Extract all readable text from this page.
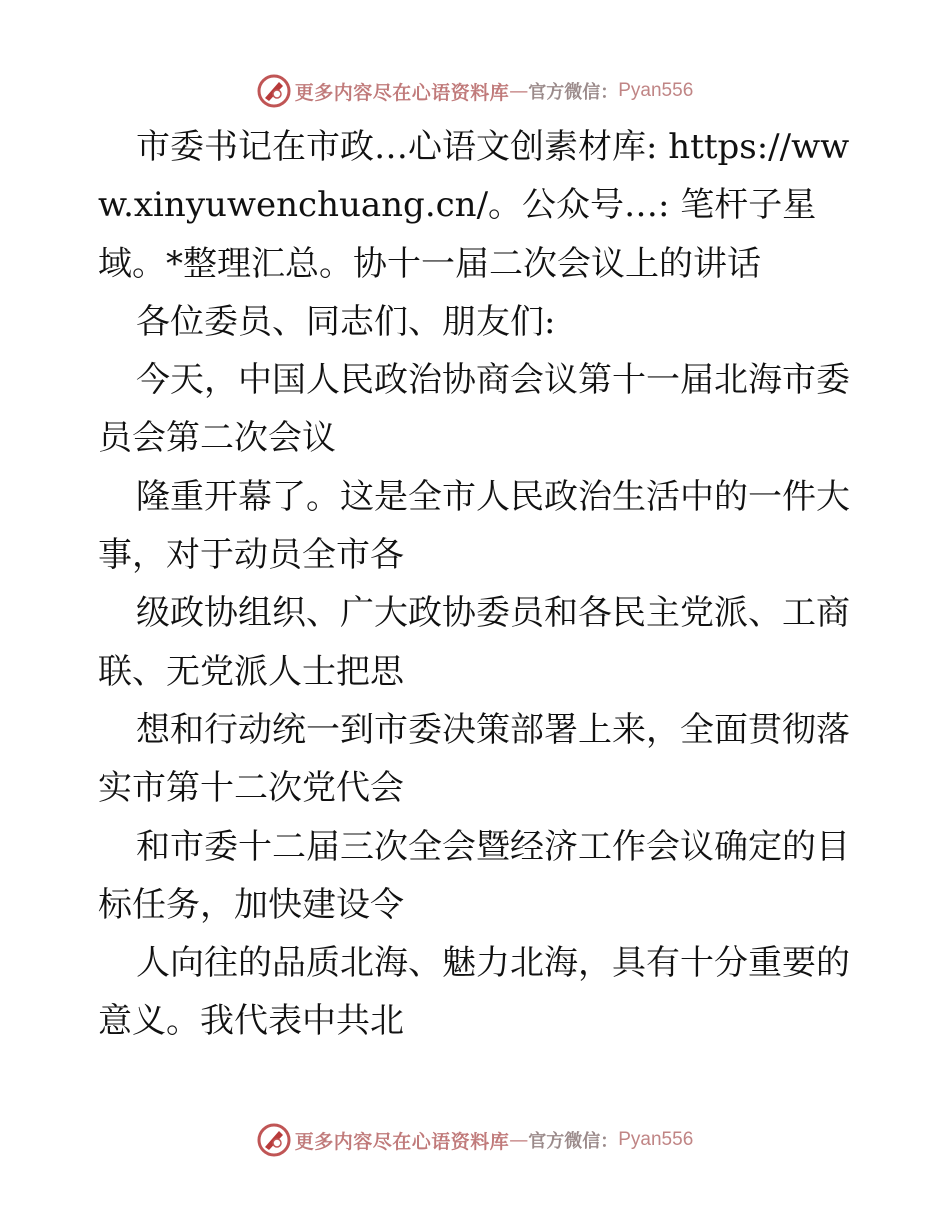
更多内容尽在心语资料库 — 官方微信： Pyan556

市委书记在市政…心语文创素材库: https://www.xinyuwenchuang.cn/。公众号…: 笔杆子星域。*整理汇总。协十一届二次会议上的讲话

各位委员、同志们、朋友们:

今天，中国人民政治协商会议第十一届北海市委员会第二次会议

隆重开幕了。这是全市人民政治生活中的一件大事，对于动员全市各

级政协组织、广大政协委员和各民主党派、工商联、无党派人士把思

想和行动统一到市委决策部署上来，全面贯彻落实市第十二次党代会

和市委十二届三次全会暨经济工作会议确定的目标任务，加快建设令

人向往的品质北海、魅力北海，具有十分重要的意义。我代表中共北

更多内容尽在心语资料库 — 官方微信： Pyan556
